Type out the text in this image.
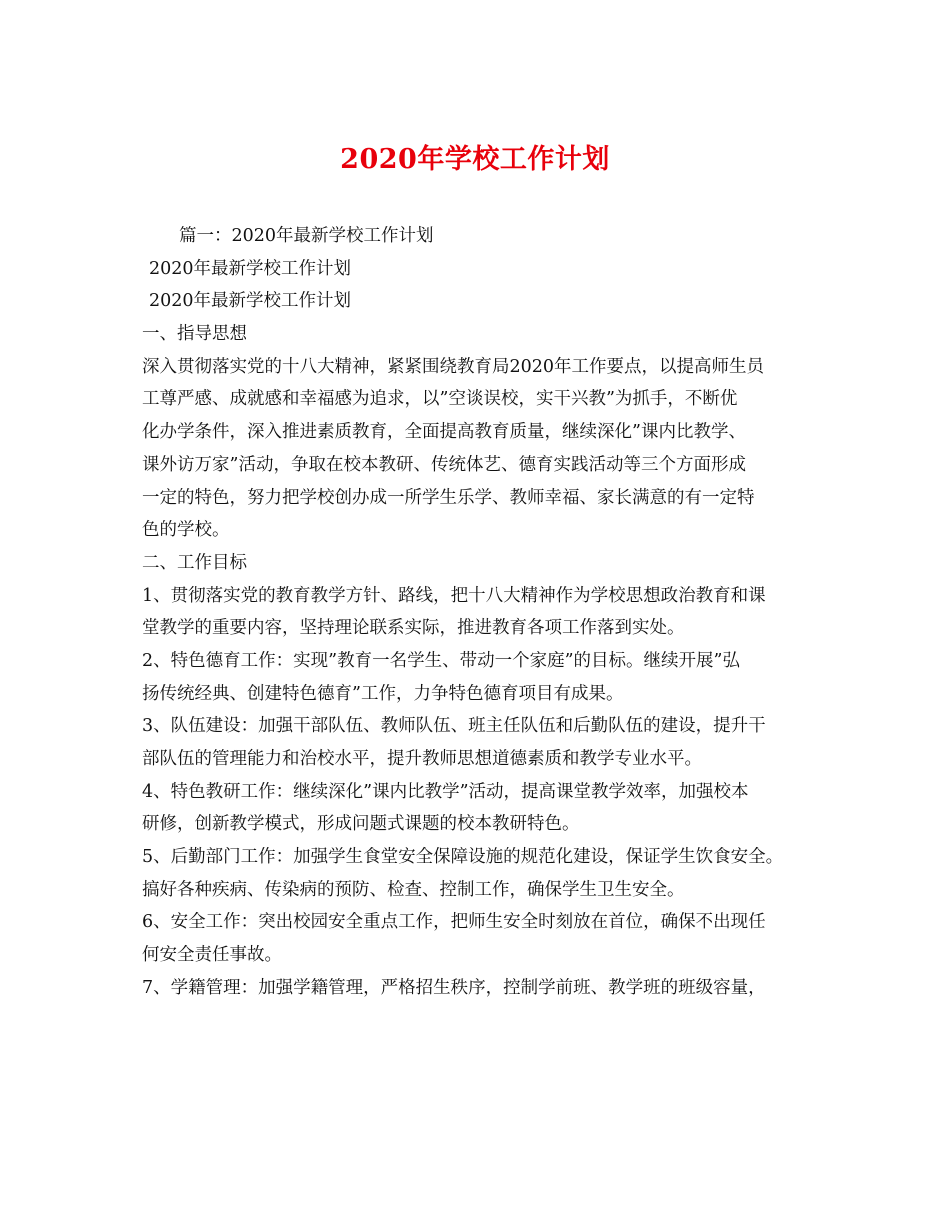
2020年学校工作计划
篇一：2020年最新学校工作计划
2020年最新学校工作计划
2020年最新学校工作计划
一、指导思想
深入贯彻落实党的十八大精神，紧紧围绕教育局2020年工作要点，以提高师生员
工尊严感、成就感和幸福感为追求，以”空谈误校，实干兴教”为抓手，不断优
化办学条件，深入推进素质教育，全面提高教育质量，继续深化”课内比教学、
课外访万家”活动，争取在校本教研、传统体艺、德育实践活动等三个方面形成
一定的特色，努力把学校创办成一所学生乐学、教师幸福、家长满意的有一定特
色的学校。
二、工作目标
1、贯彻落实党的教育教学方针、路线，把十八大精神作为学校思想政治教育和课
堂教学的重要内容，坚持理论联系实际，推进教育各项工作落到实处。
2、特色德育工作：实现”教育一名学生、带动一个家庭”的目标。继续开展”弘
扬传统经典、创建特色德育”工作，力争特色德育项目有成果。
3、队伍建设：加强干部队伍、教师队伍、班主任队伍和后勤队伍的建设，提升干
部队伍的管理能力和治校水平，提升教师思想道德素质和教学专业水平。
4、特色教研工作：继续深化”课内比教学”活动，提高课堂教学效率，加强校本
研修，创新教学模式，形成问题式课题的校本教研特色。
5、后勤部门工作：加强学生食堂安全保障设施的规范化建设，保证学生饮食安全。
搞好各种疾病、传染病的预防、检查、控制工作，确保学生卫生安全。
6、安全工作：突出校园安全重点工作，把师生安全时刻放在首位，确保不出现任
何安全责任事故。
7、学籍管理：加强学籍管理，严格招生秩序，控制学前班、教学班的班级容量，
